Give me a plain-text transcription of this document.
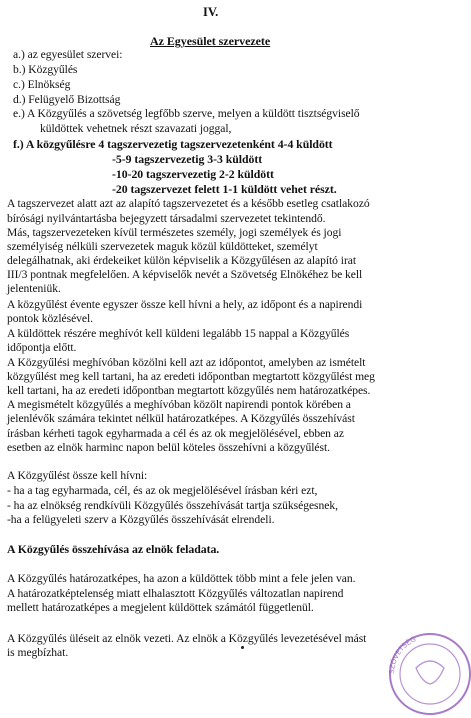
IV.
Az Egyesület szervezete
a.) az egyesület szervei:
b.) Közgyűlés
c.) Elnökség
d.) Felügyelő Bizottság
e.) A Közgyűlés a szövetség legfőbb szerve, melyen a küldött tisztségviselő
küldöttek vehetnek részt szavazati joggal,
f.) A közgyűlésre 4 tagszervezetig tagszervezetenként 4-4 küldött
-5-9 tagszervezetig 3-3 küldött
-10-20 tagszervezetig 2-2 küldött
-20 tagszervezet felett 1-1 küldött vehet részt.
A tagszervezet alatt azt az alapító tagszervezetet és a később esetleg csatlakozó
bírósági nyilvántartásba bejegyzett társadalmi szervezetet tekintendő.
Más, tagszervezeteken kívül természetes személy, jogi személyek és jogi
személyiség nélküli szervezetek maguk közül küldötteket, személyt
delegálhatnak, aki érdekeiket külön képviselik a Közgyűlésen az alapító irat
III/3 pontnak megfelelően. A képviselők nevét a Szövetség Elnökéhez be kell
jelenteniük.
A közgyűlést évente egyszer össze kell hívni a hely, az időpont és a napirendi
pontok közlésével.
A küldöttek részére meghívót kell küldeni legalább 15 nappal a Közgyűlés
időpontja előtt.
A Közgyűlési meghívóban közölni kell azt az időpontot, amelyben az ismételt
közgyűlést meg kell tartani, ha az eredeti időpontban megtartott közgyűlést meg
kell tartani, ha az eredeti időpontban megtartott közgyűlés nem határozatképes.
A megismételt közgyűlés a meghívóban közölt napirendi pontok körében a
jelenlévők számára tekintet nélkül határozatképes. A Közgyűlés összehívást
írásban kérheti tagok egyharmada a cél és az ok megjelölésével, ebben az
esetben az elnök harminc napon belül köteles összehívni a közgyűlést.
A Közgyűlést össze kell hívni:
- ha a tag egyharmada, cél, és az ok megjelölésével írásban kéri ezt,
- ha az elnökség rendkívüli Közgyűlés összehívását tartja szükségesnek,
-ha a felügyeleti szerv a Közgyűlés összehívását elrendeli.
A Közgyűlés összehívása az elnök feladata.
A Közgyűlés határozatképes, ha azon a küldöttek több mint a fele jelen van.
A határozatképtelenség miatt elhalasztott Közgyűlés változatlan napirend
mellett határozatképes a megjelent küldöttek számától függetlenül.
A Közgyűlés üléseit az elnök vezeti. Az elnök a Közgyűlés levezetésével mást
is megbízhat.
SZÖVETSÉG
